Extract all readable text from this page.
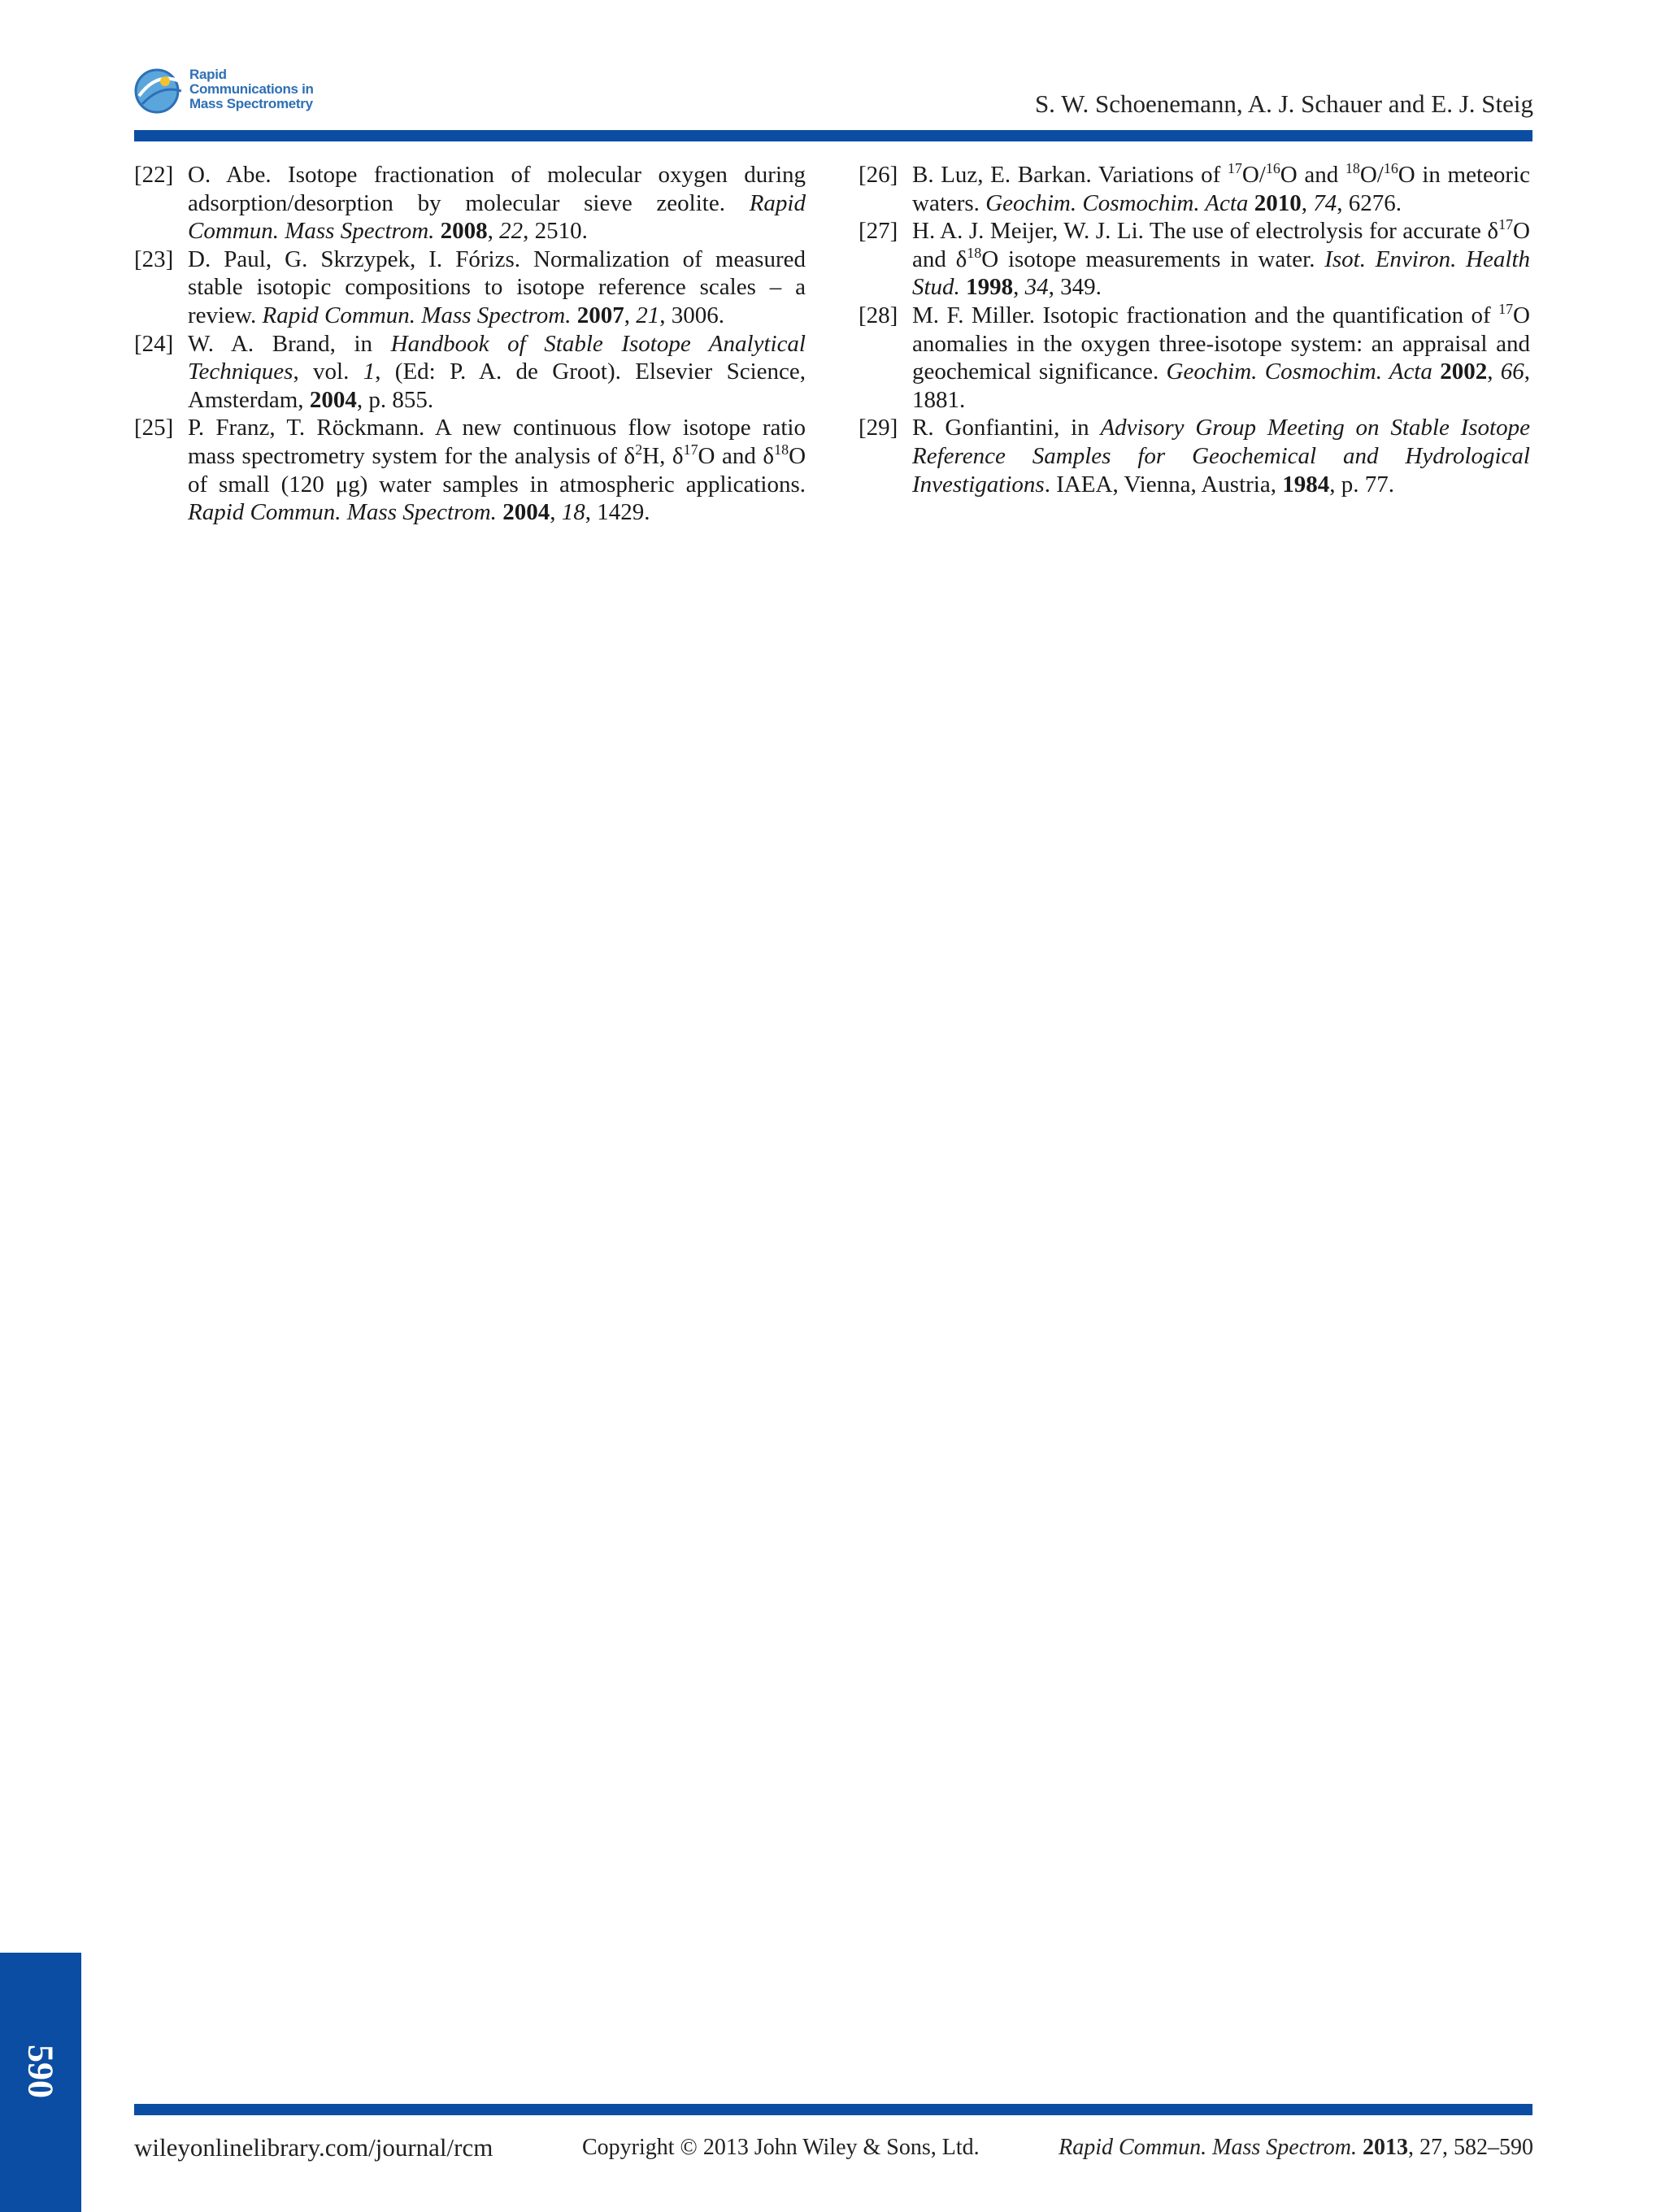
Rapid
Communications in
Mass Spectrometry	S. W. Schoenemann, A. J. Schauer and E. J. Steig
[22] O. Abe. Isotope fractionation of molecular oxygen during adsorption/desorption by molecular sieve zeolite. Rapid Commun. Mass Spectrom. 2008, 22, 2510.
[23] D. Paul, G. Skrzypek, I. Fórizs. Normalization of measured stable isotopic compositions to isotope reference scales – a review. Rapid Commun. Mass Spectrom. 2007, 21, 3006.
[24] W. A. Brand, in Handbook of Stable Isotope Analytical Techniques, vol. 1, (Ed: P. A. de Groot). Elsevier Science, Amsterdam, 2004, p. 855.
[25] P. Franz, T. Röckmann. A new continuous flow isotope ratio mass spectrometry system for the analysis of $\delta^2H$, $\delta^{17}O$ and $\delta^{18}O$ of small (120 μg) water samples in atmospheric applications. Rapid Commun. Mass Spectrom. 2004, 18, 1429.
[26] B. Luz, E. Barkan. Variations of $^{17}$O/$^{16}$O and $^{18}$O/$^{16}$O in meteoric waters. Geochim. Cosmochim. Acta 2010, 74, 6276.
[27] H. A. J. Meijer, W. J. Li. The use of electrolysis for accurate $\delta^{17}O$ and $\delta^{18}O$ isotope measurements in water. Isot. Environ. Health Stud. 1998, 34, 349.
[28] M. F. Miller. Isotopic fractionation and the quantification of $^{17}$O anomalies in the oxygen three-isotope system: an appraisal and geochemical significance. Geochim. Cosmochim. Acta 2002, 66, 1881.
[29] R. Gonfiantini, in Advisory Group Meeting on Stable Isotope Reference Samples for Geochemical and Hydrological Investigations. IAEA, Vienna, Austria, 1984, p. 77.
590
wileyonlinelibrary.com/journal/rcm	Copyright © 2013 John Wiley & Sons, Ltd.	Rapid Commun. Mass Spectrom. 2013, 27, 582–590
